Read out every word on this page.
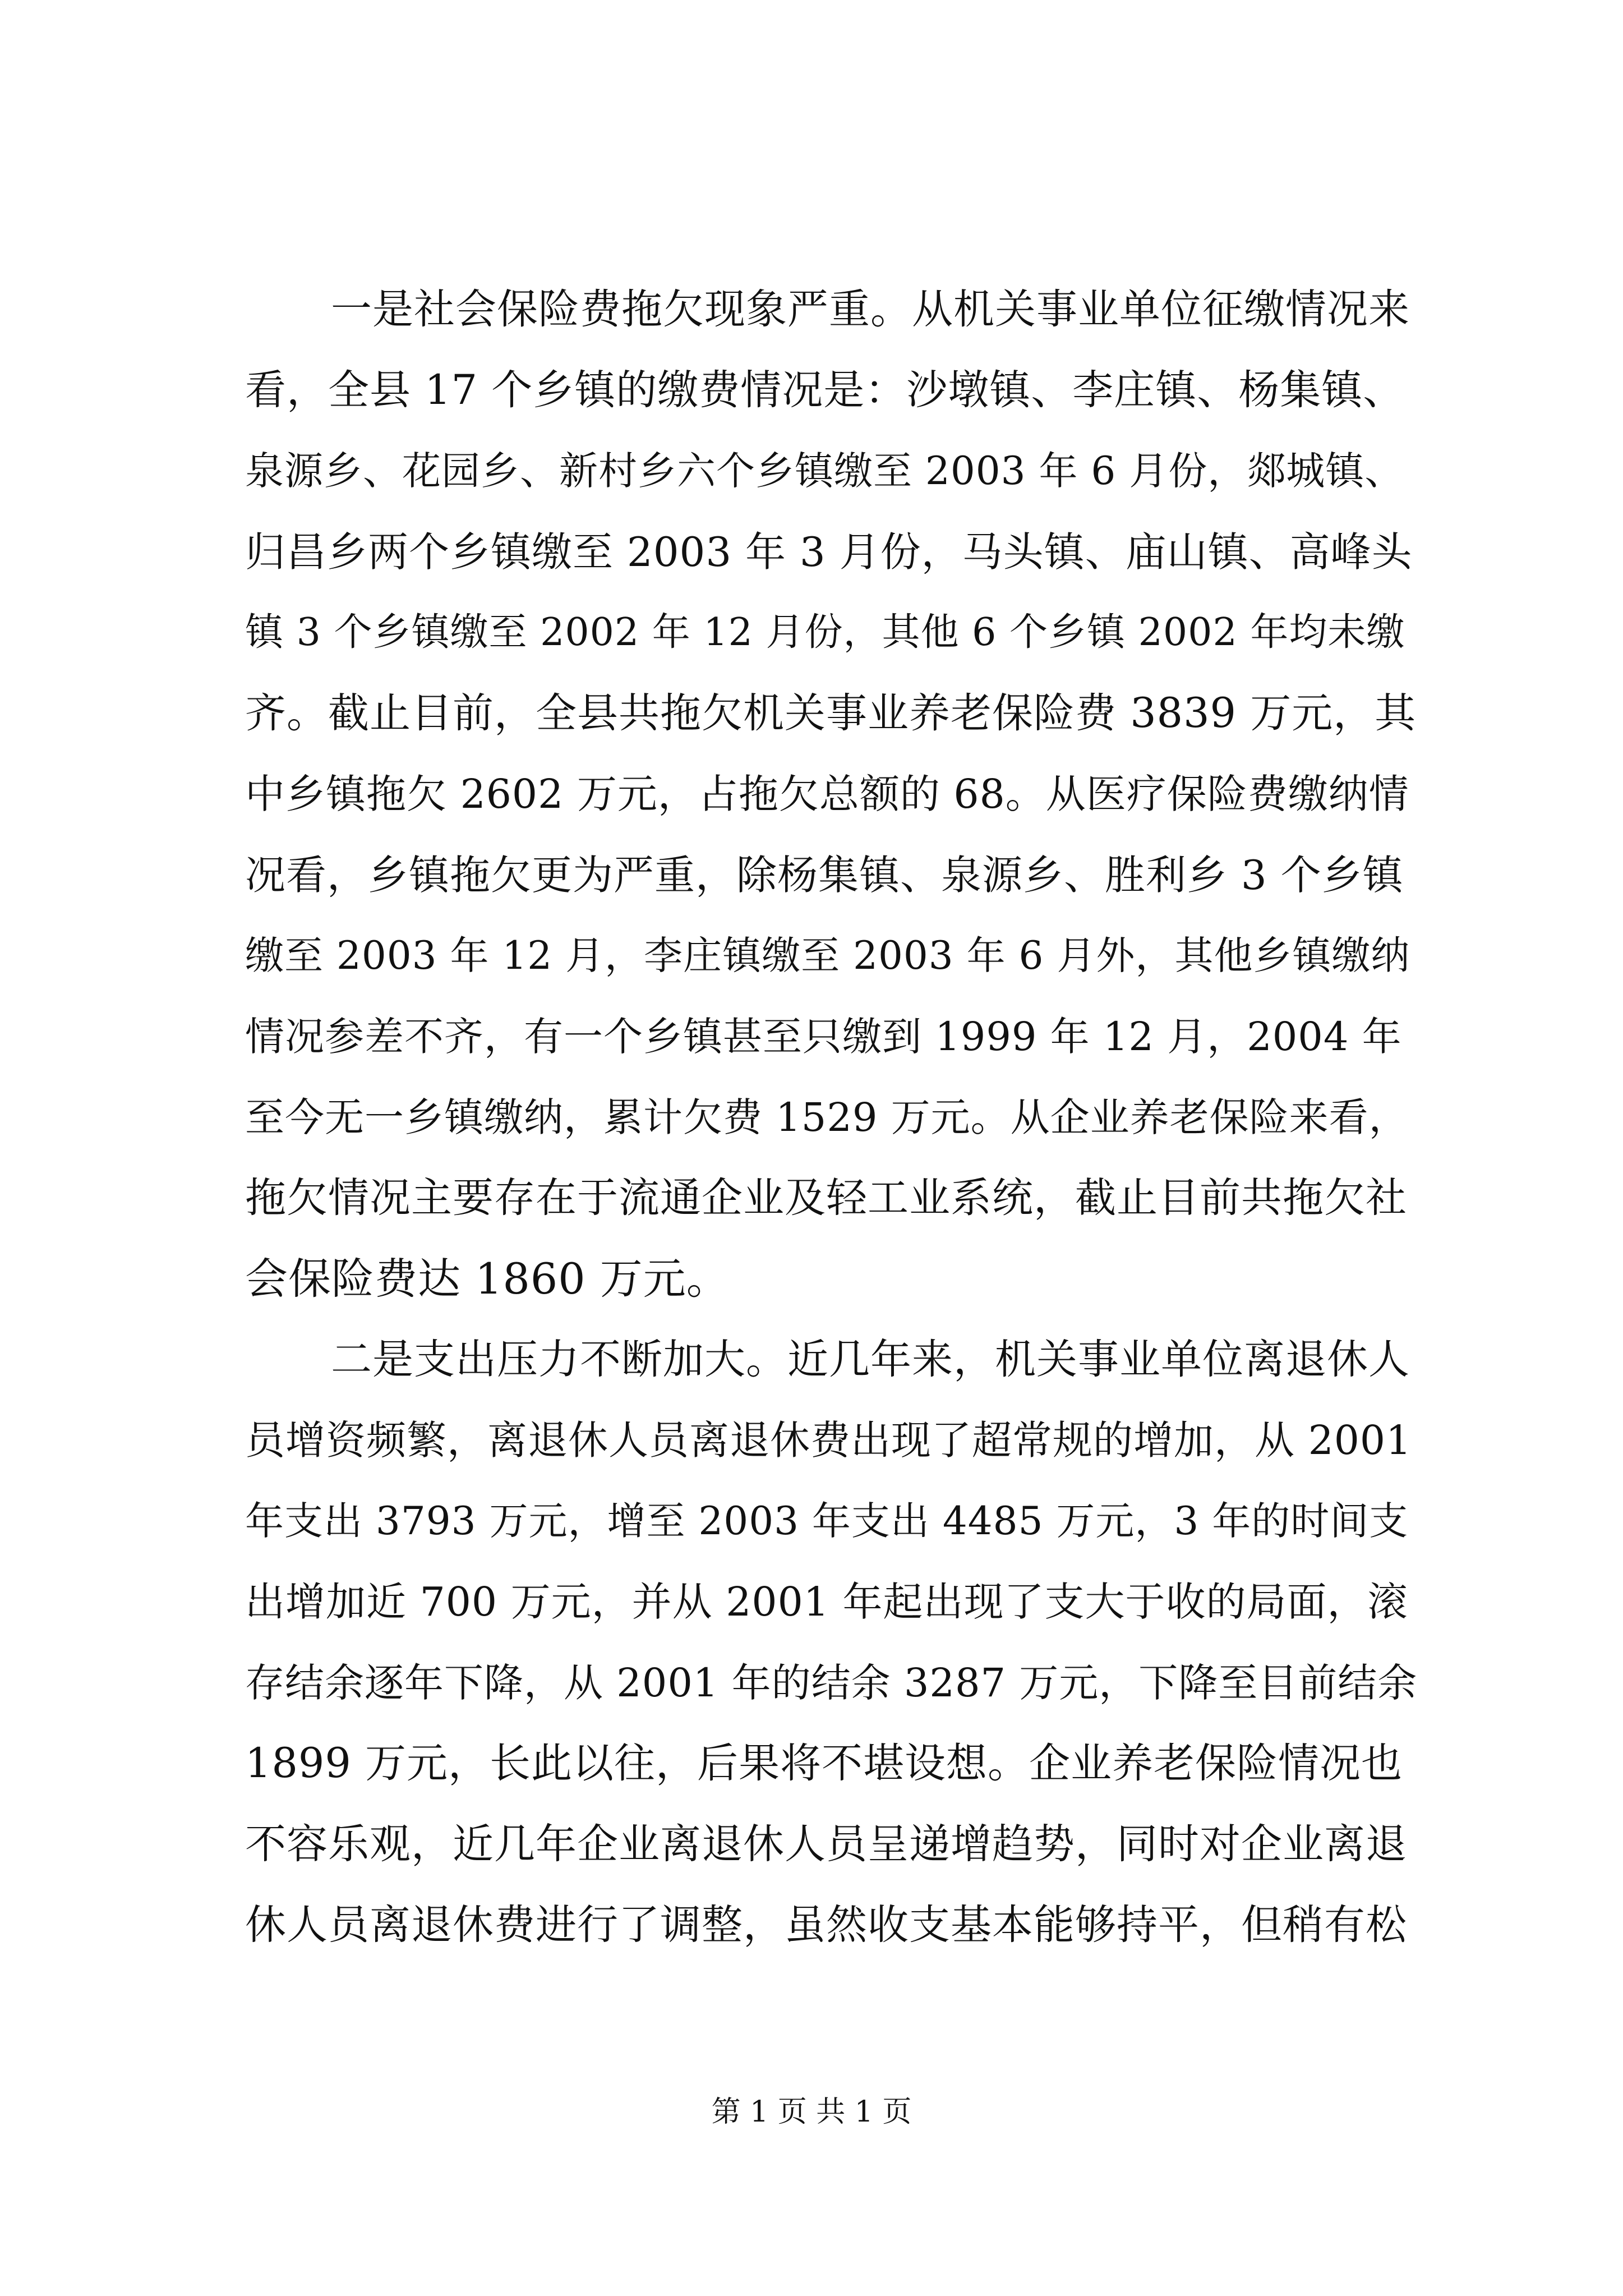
一是社会保险费拖欠现象严重。从机关事业单位征缴情况来
看，全县 17 个乡镇的缴费情况是：沙墩镇、李庄镇、杨集镇、
泉源乡、花园乡、新村乡六个乡镇缴至 2003 年 6 月份，郯城镇、
归昌乡两个乡镇缴至 2003 年 3 月份，马头镇、庙山镇、高峰头
镇 3 个乡镇缴至 2002 年 12 月份，其他 6 个乡镇 2002 年均未缴
齐。截止目前，全县共拖欠机关事业养老保险费 3839 万元，其
中乡镇拖欠 2602 万元，占拖欠总额的 68。从医疗保险费缴纳情
况看，乡镇拖欠更为严重，除杨集镇、泉源乡、胜利乡 3 个乡镇
缴至 2003 年 12 月，李庄镇缴至 2003 年 6 月外，其他乡镇缴纳
情况参差不齐，有一个乡镇甚至只缴到 1999 年 12 月，2004 年
至今无一乡镇缴纳，累计欠费 1529 万元。从企业养老保险来看，
拖欠情况主要存在于流通企业及轻工业系统，截止目前共拖欠社
会保险费达 1860 万元。
二是支出压力不断加大。近几年来，机关事业单位离退休人
员增资频繁，离退休人员离退休费出现了超常规的增加，从 2001
年支出 3793 万元，增至 2003 年支出 4485 万元，3 年的时间支
出增加近 700 万元，并从 2001 年起出现了支大于收的局面，滚
存结余逐年下降，从 2001 年的结余 3287 万元，下降至目前结余
1899 万元，长此以往，后果将不堪设想。企业养老保险情况也
不容乐观，近几年企业离退休人员呈递增趋势，同时对企业离退
休人员离退休费进行了调整，虽然收支基本能够持平，但稍有松
第 1 页 共 1 页
